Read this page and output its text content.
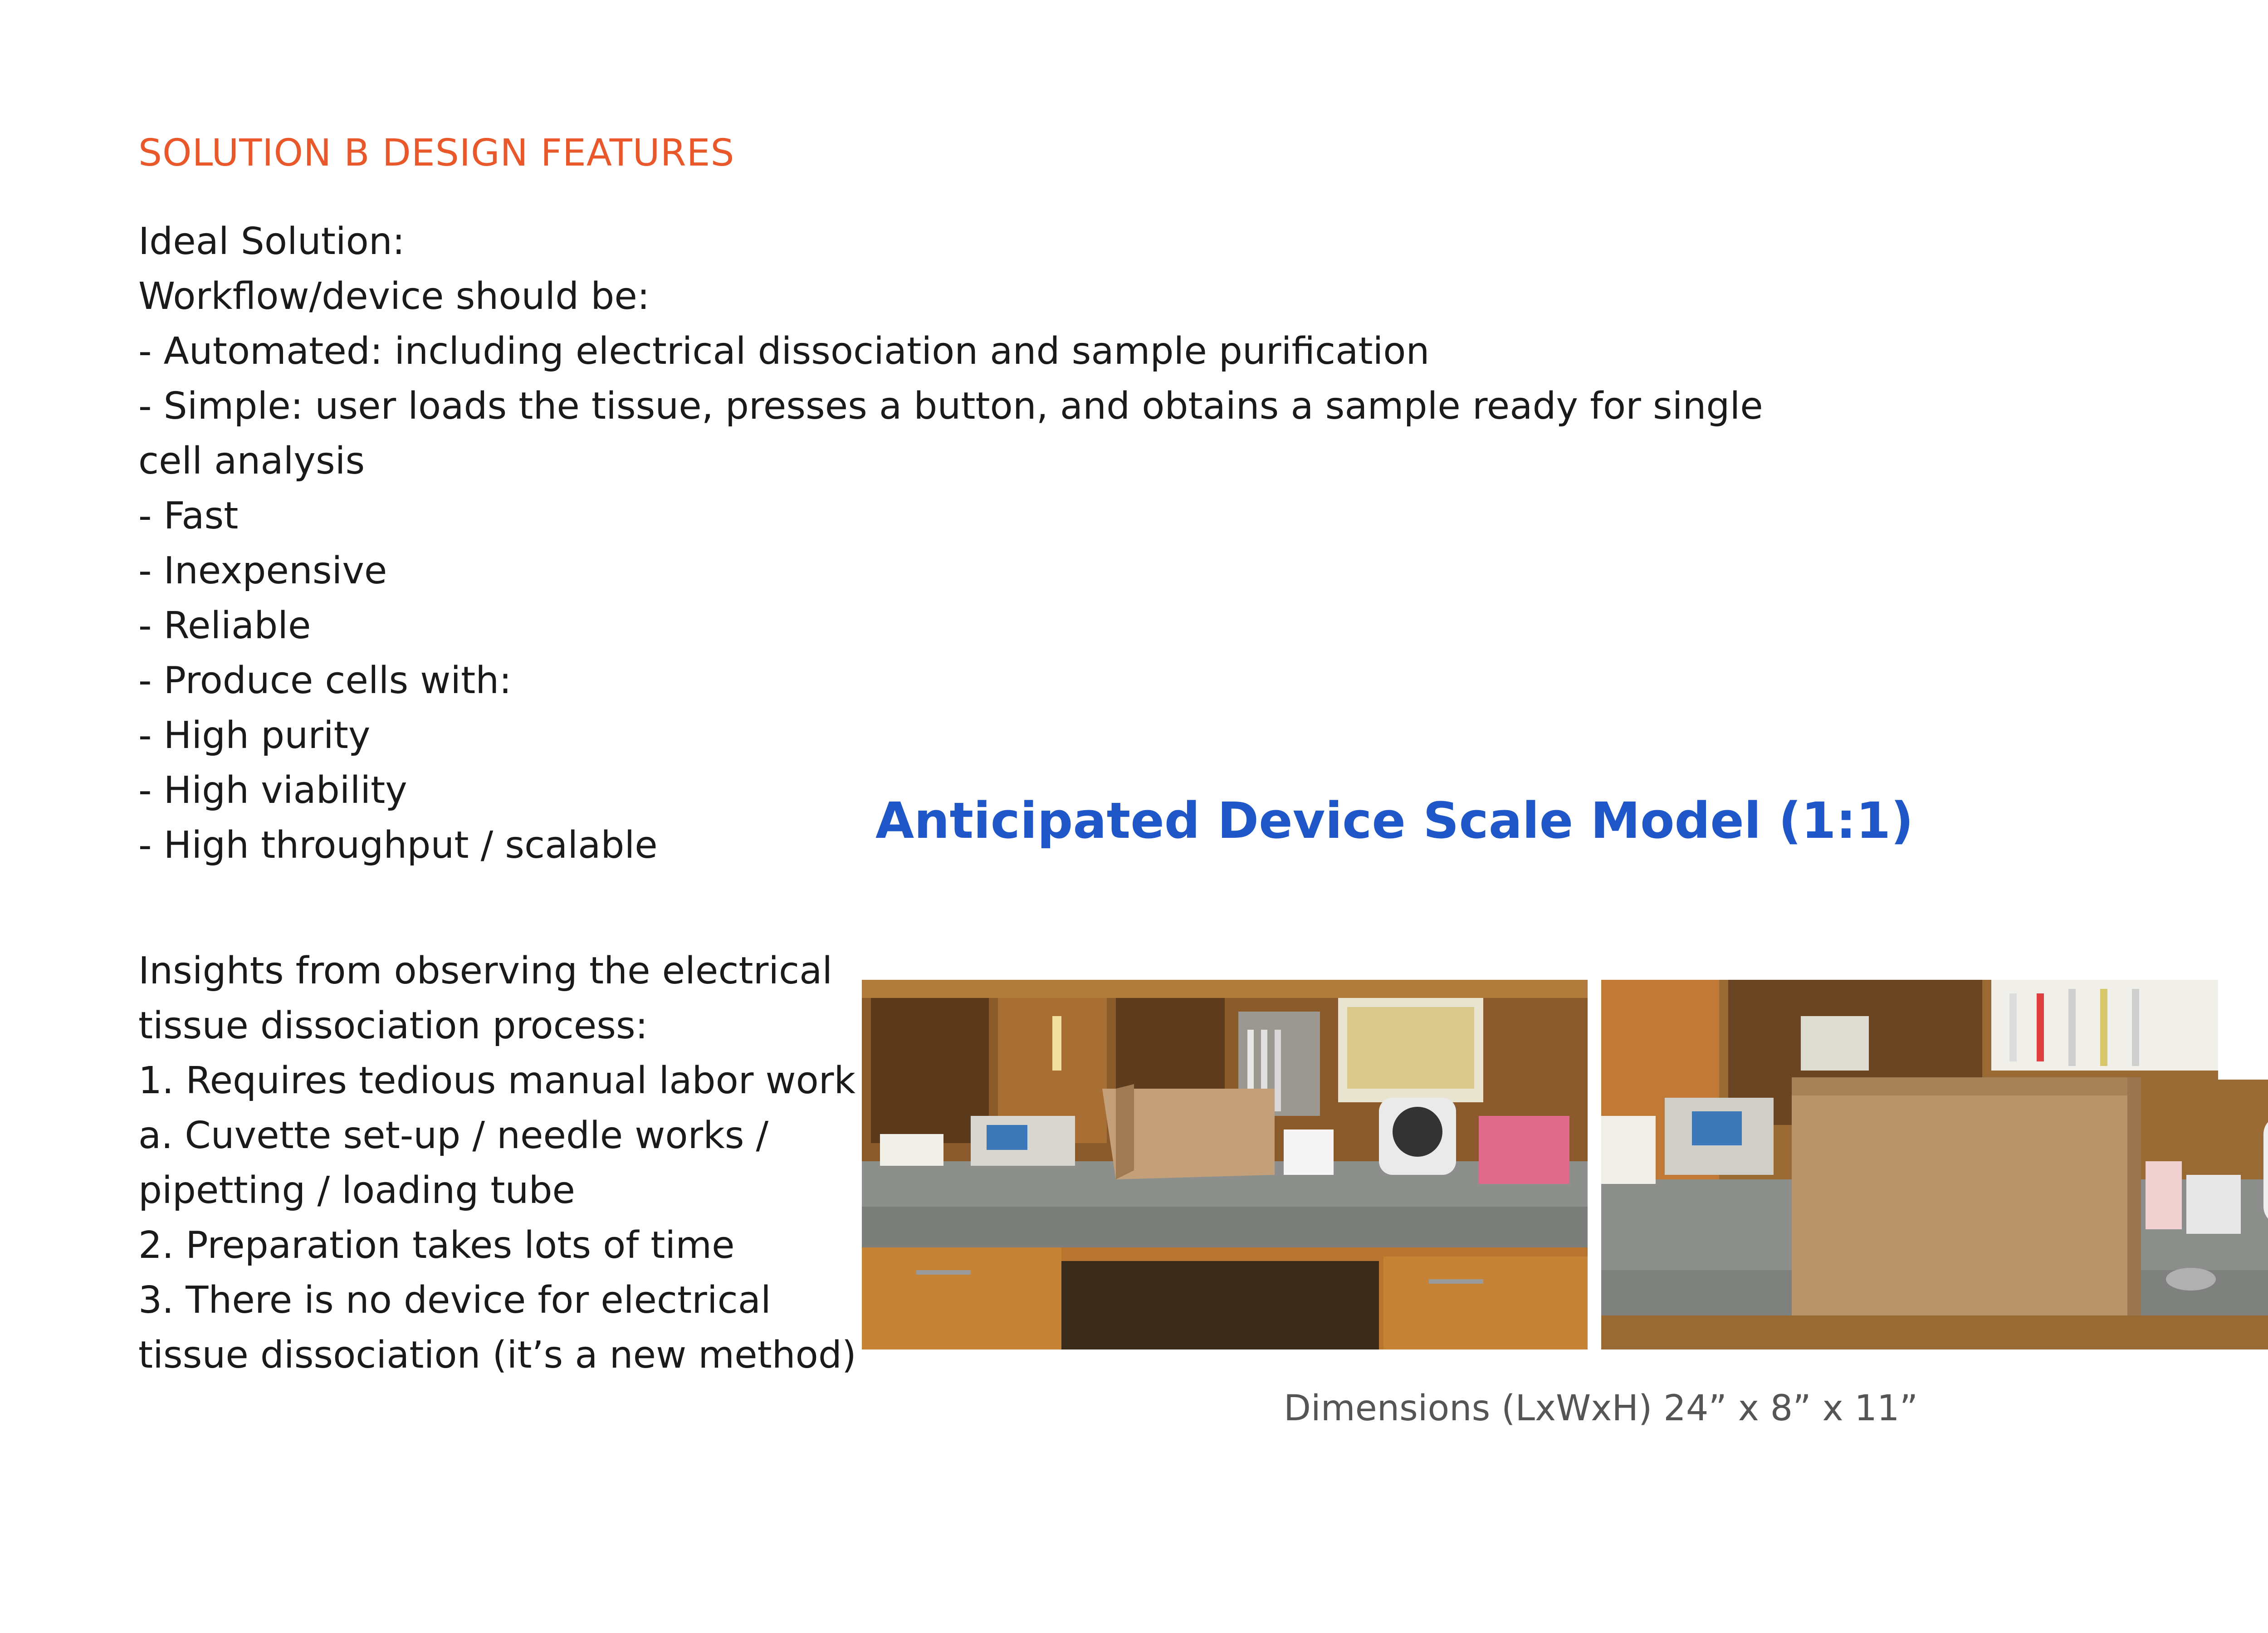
SOLUTION B DESIGN FEATURES
Ideal Solution:
Workflow/device should be:
- Automated: including electrical dissociation and sample purification
- Simple: user loads the tissue, presses a button, and obtains a sample ready for single
cell analysis
- Fast
- Inexpensive
- Reliable
- Produce cells with:
- High purity
- High viability
- High throughput / scalable
Insights from observing the electrical
tissue dissociation process:
1. Requires tedious manual labor work
a. Cuvette set-up / needle works /
pipetting / loading tube
2. Preparation takes lots of time
3. There is no device for electrical
tissue dissociation (it’s a new method)
Anticipated Device Scale Model (1:1)
Dimensions (LxWxH) 24” x 8” x 11”
